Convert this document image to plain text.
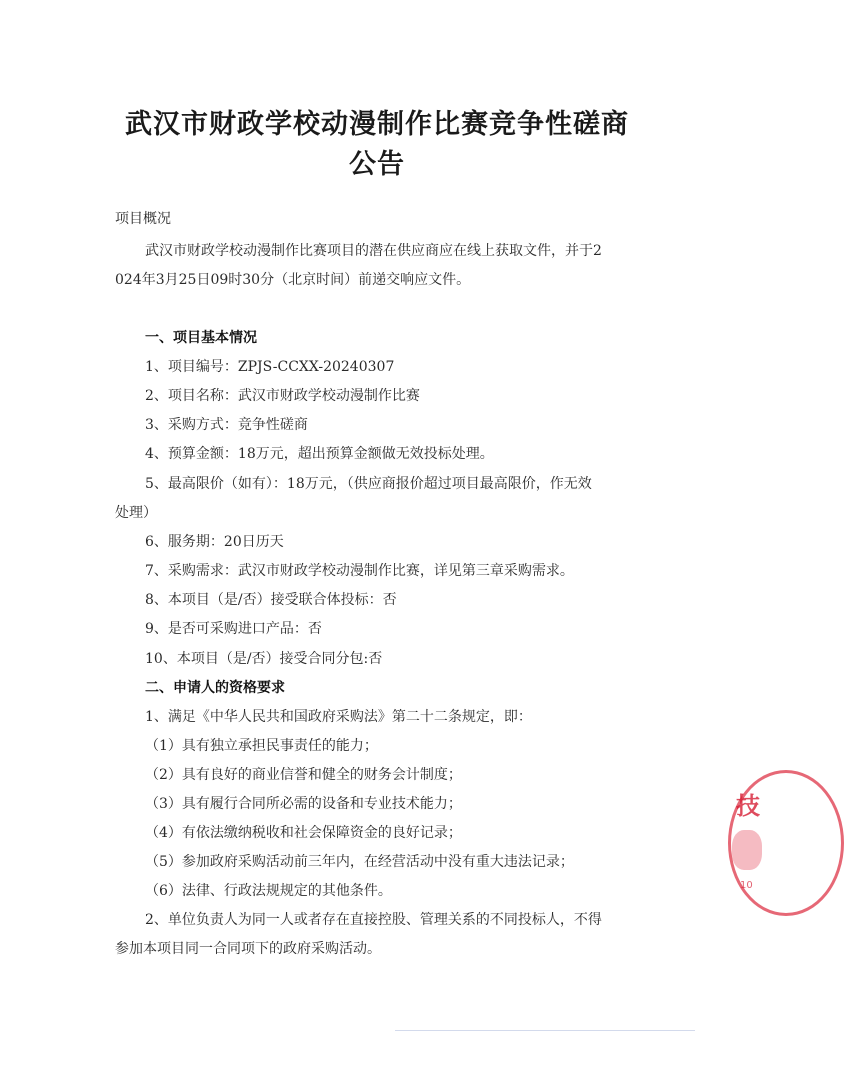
武汉市财政学校动漫制作比赛竞争性磋商
公告
项目概况
武汉市财政学校动漫制作比赛项目的潜在供应商应在线上获取文件，并于2
024年3月25日09时30分（北京时间）前递交响应文件。
一、项目基本情况
1、项目编号：ZPJS-CCXX-20240307
2、项目名称：武汉市财政学校动漫制作比赛
3、采购方式：竞争性磋商
4、预算金额：18万元，超出预算金额做无效投标处理。
5、最高限价（如有）：18万元，（供应商报价超过项目最高限价，作无效
处理）
6、服务期：20日历天
7、采购需求：武汉市财政学校动漫制作比赛，详见第三章采购需求。
8、本项目（是/否）接受联合体投标：否
9、是否可采购进口产品：否
10、本项目（是/否）接受合同分包:否
二、申请人的资格要求
1、满足《中华人民共和国政府采购法》第二十二条规定，即：
（1）具有独立承担民事责任的能力；
（2）具有良好的商业信誉和健全的财务会计制度；
（3）具有履行合同所必需的设备和专业技术能力；
（4）有依法缴纳税收和社会保障资金的良好记录；
（5）参加政府采购活动前三年内，在经营活动中没有重大违法记录；
（6）法律、行政法规规定的其他条件。
2、单位负责人为同一人或者存在直接控股、管理关系的不同投标人，不得
参加本项目同一合同项下的政府采购活动。
技
10
